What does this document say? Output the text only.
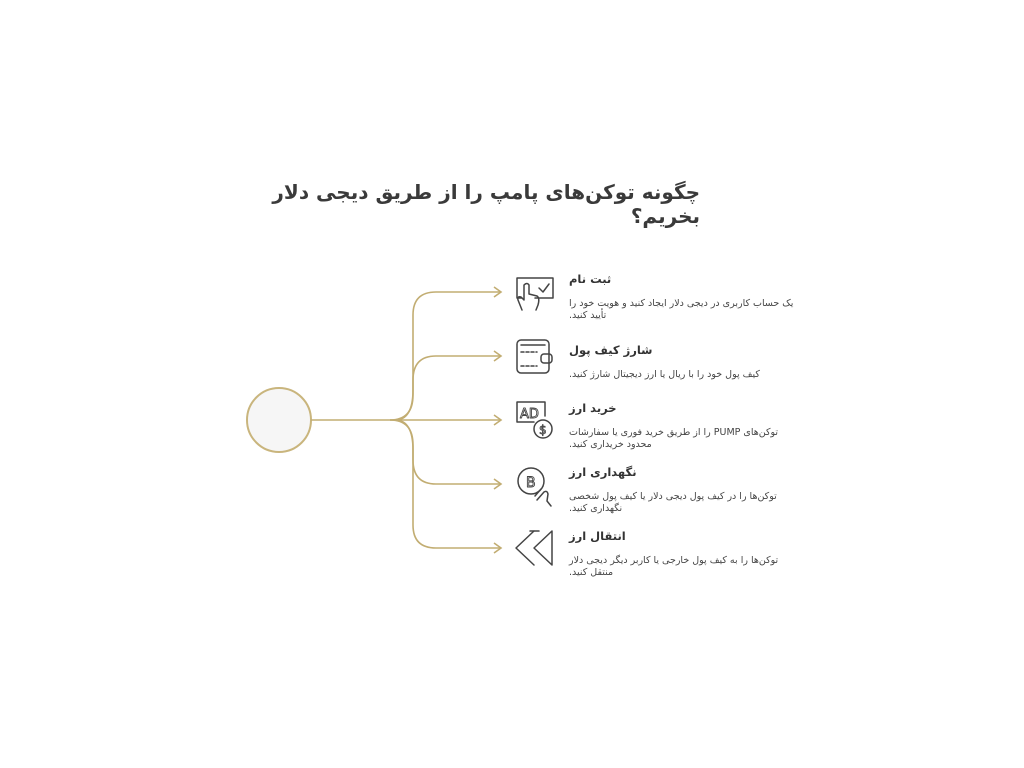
چگونه توکن‌های پامپ را از طریق دیجی دلار بخریم؟
AD
$
B
ثبت نام

یک حساب کاربری در دیجی دلار ایجاد کنید و هویت خود را تأیید کنید.

شارژ کیف پول

کیف پول خود را با ریال یا ارز دیجیتال شارژ کنید.

خرید ارز

توکن‌های PUMP را از طریق خرید فوری یا سفارشات محدود خریداری کنید.

نگهداری ارز

توکن‌ها را در کیف پول دیجی دلار یا کیف پول شخصی نگهداری کنید.

انتقال ارز

توکن‌ها را به کیف پول خارجی یا کاربر دیگر دیجی دلار منتقل کنید.
